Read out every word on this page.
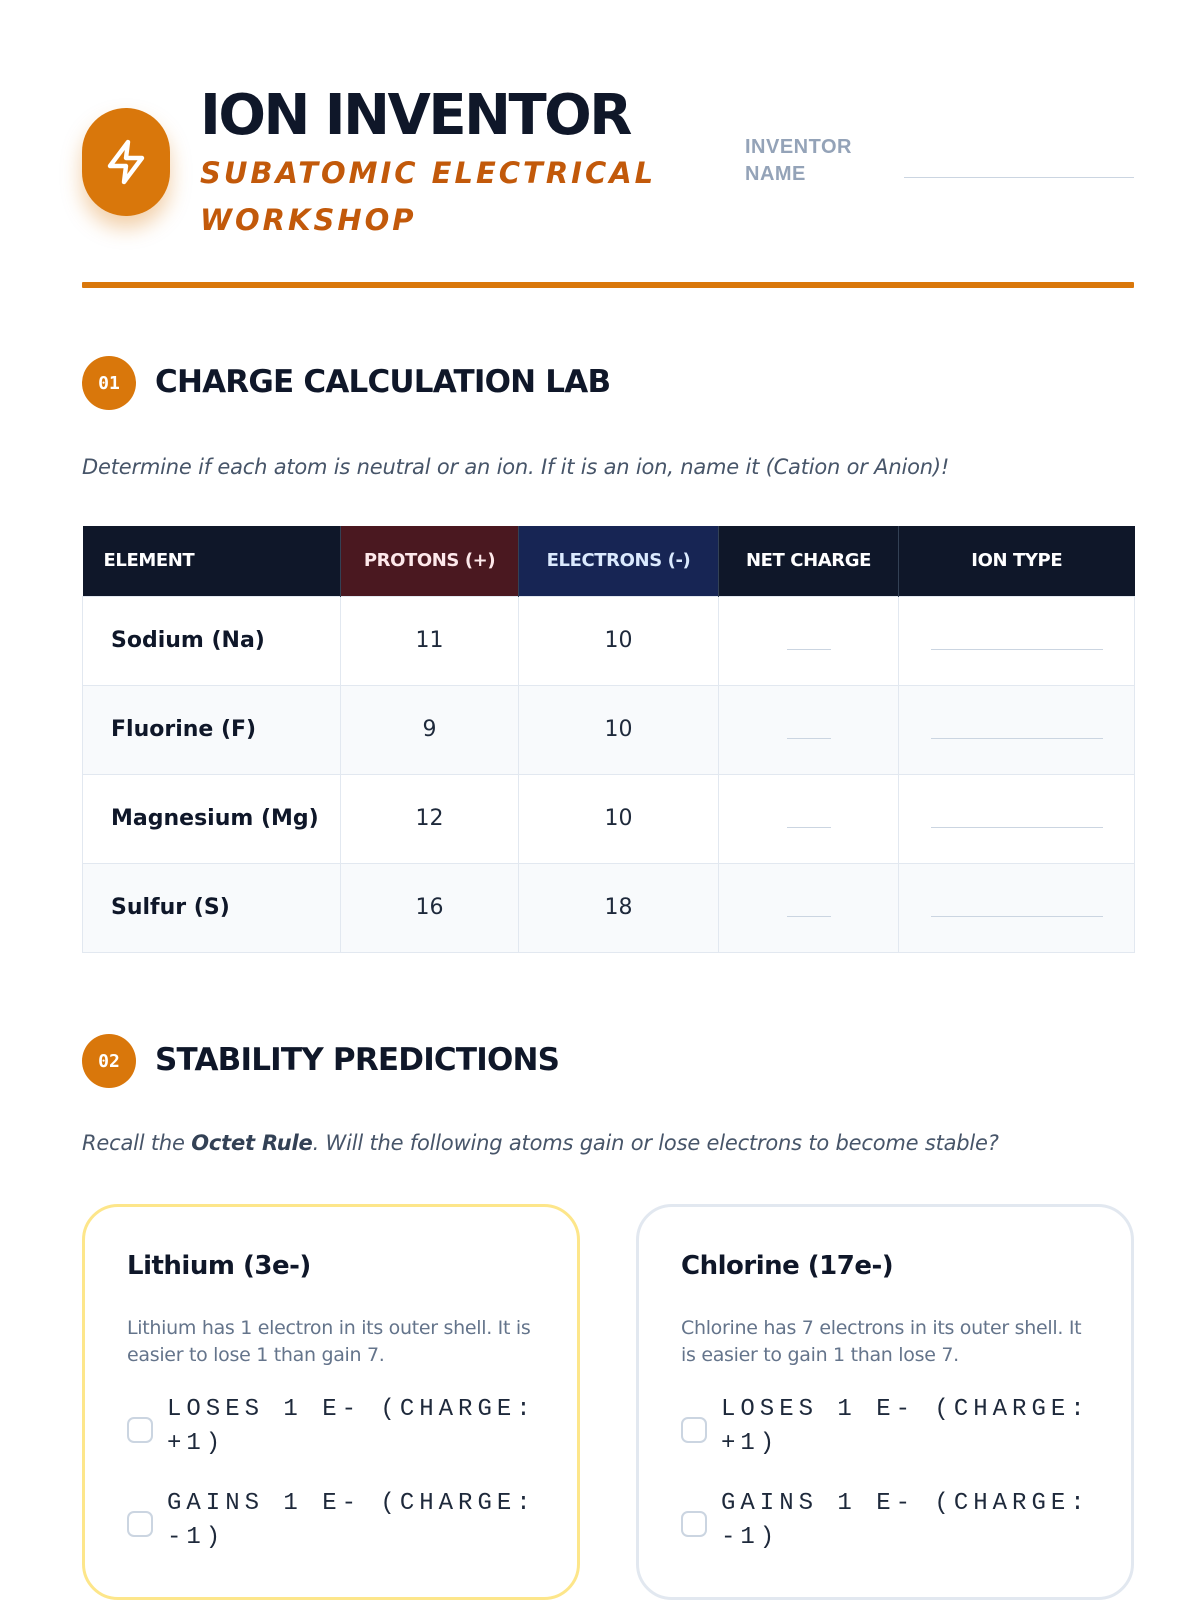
ION INVENTOR
SUBATOMIC ELECTRICAL WORKSHOP
INVENTOR NAME
01	CHARGE CALCULATION LAB
Determine if each atom is neutral or an ion. If it is an ion, name it (Cation or Anion)!
ELEMENT	PROTONS (+)	ELECTRONS (-)	NET CHARGE	ION TYPE
Sodium (Na)	11	10		
Fluorine (F)	9	10		
Magnesium (Mg)	12	10		
Sulfur (S)	16	18		
02	STABILITY PREDICTIONS
Recall the Octet Rule. Will the following atoms gain or lose electrons to become stable?
Lithium (3e-)
Lithium has 1 electron in its outer shell. It is easier to lose 1 than gain 7.
LOSES 1 E- (CHARGE: +1)
GAINS 1 E- (CHARGE: -1)
Chlorine (17e-)
Chlorine has 7 electrons in its outer shell. It is easier to gain 1 than lose 7.
LOSES 1 E- (CHARGE: +1)
GAINS 1 E- (CHARGE: -1)
